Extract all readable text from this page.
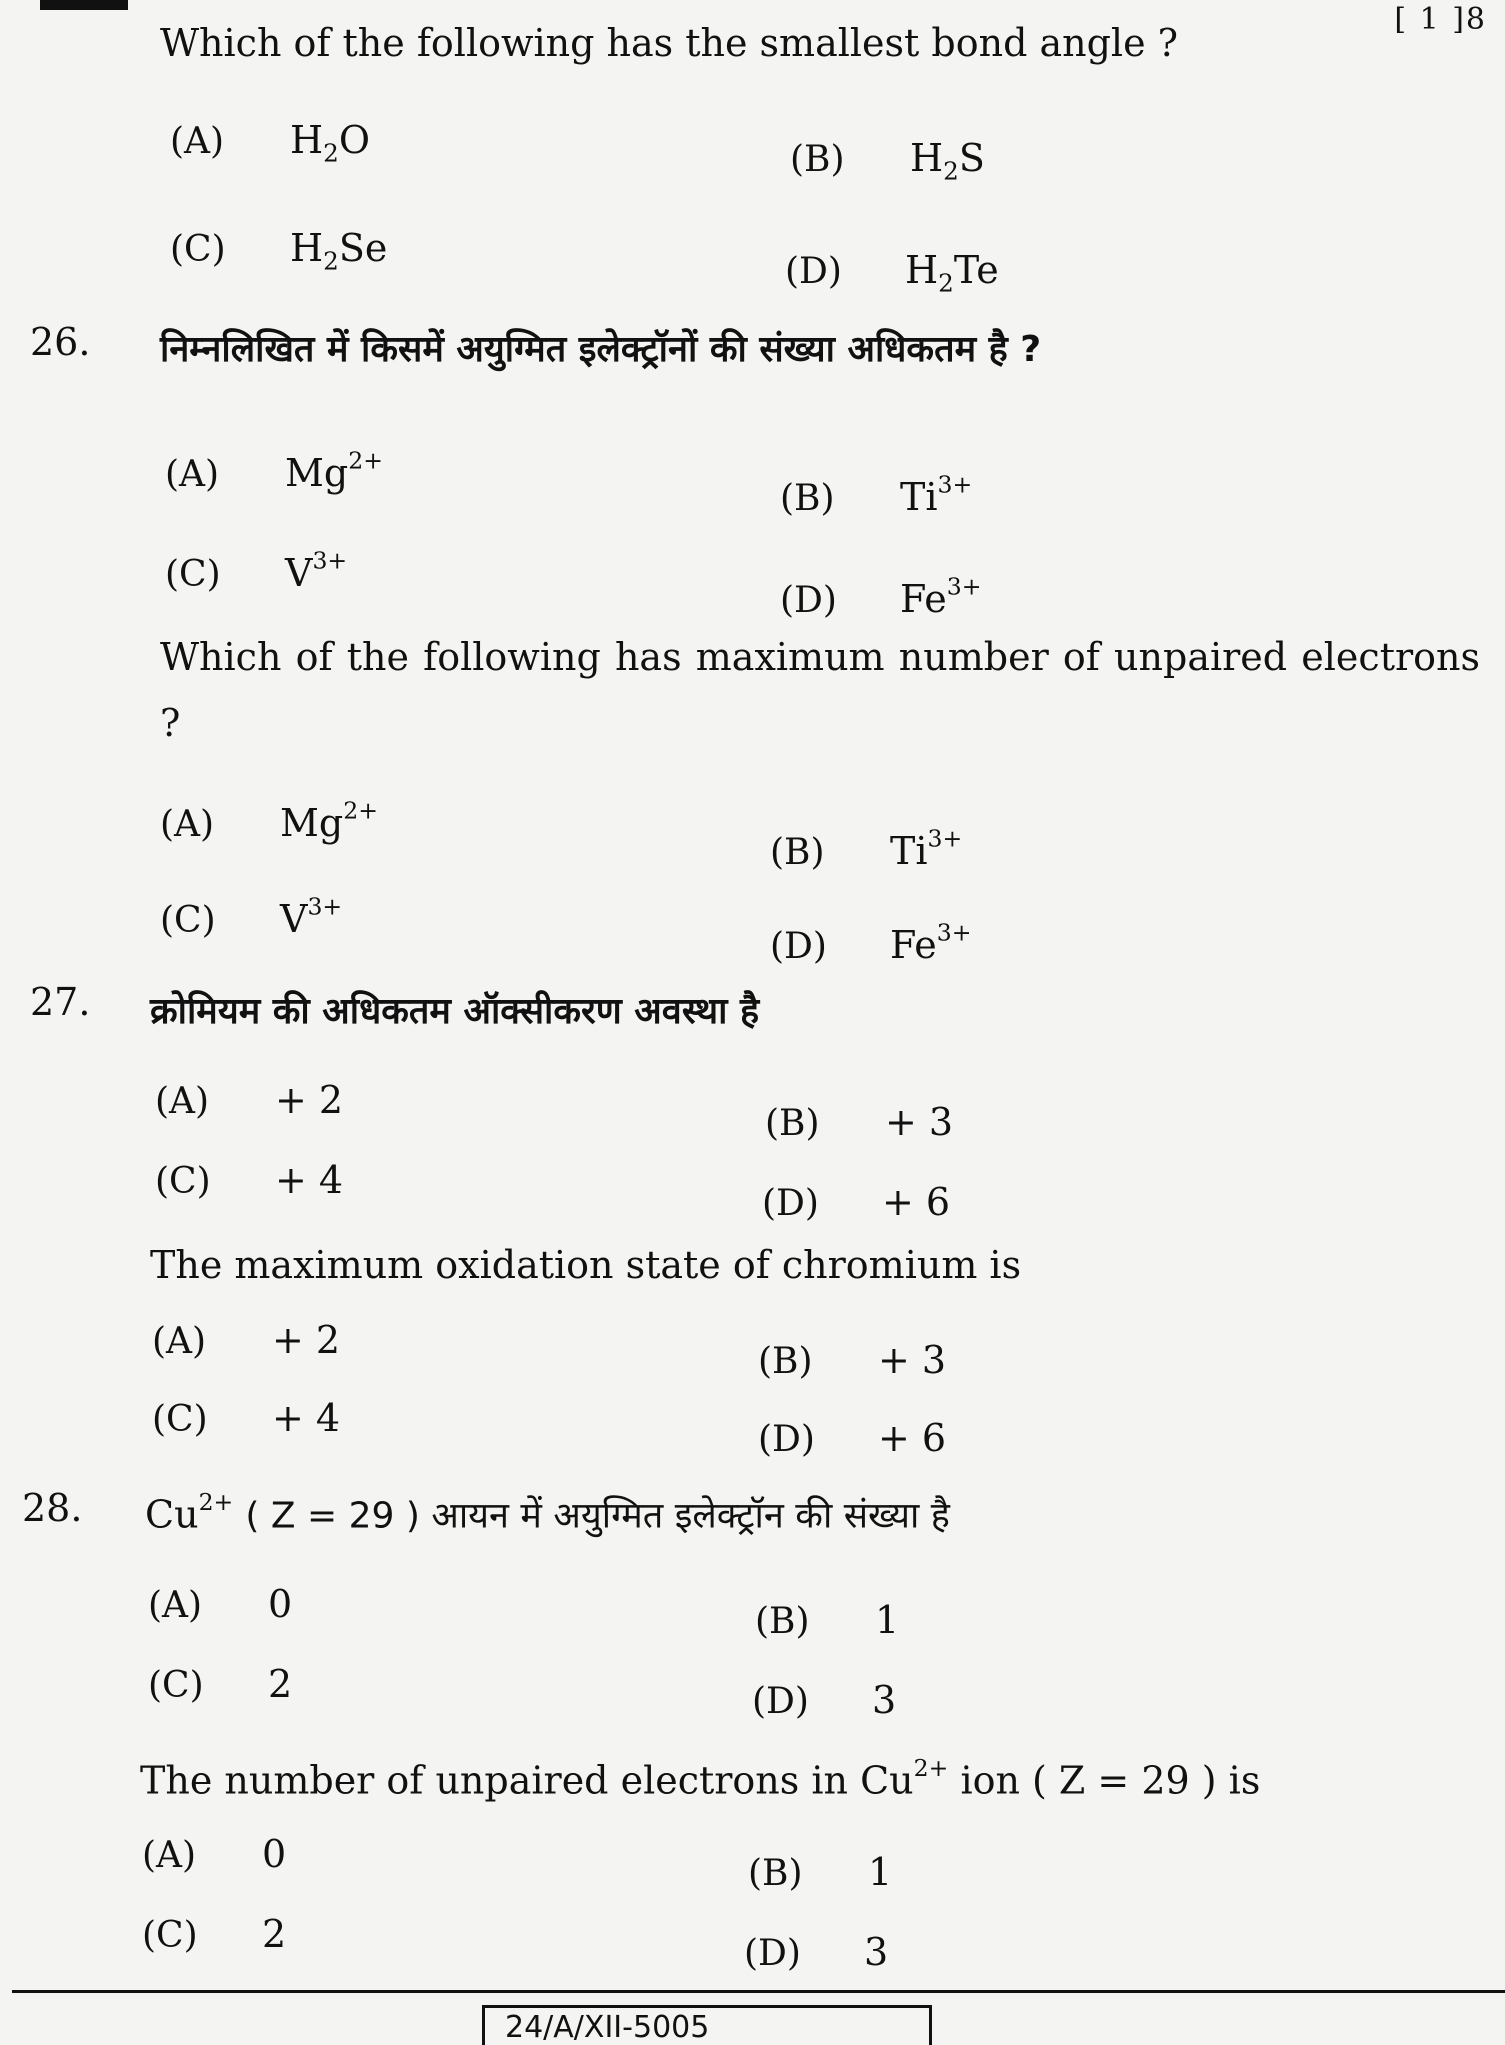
[ 1 ]8
Which of the following has the smallest bond angle ?
(A) $H_2O$	(B) $H_2S$
(C) $H_2Se$
(D) $H_2Te$
26. निम्नलिखित में किसमें अयुग्मित इलेक्ट्रॉनों की संख्या अधिकतम है ?
(A) $Mg^{2+}$
(B) $Ti^{3+}$
(C) $V^{3+}$
(D) $Fe^{3+}$
Which of the following has maximum number of unpaired electrons ?
(A) $Mg^{2+}$
(B) $Ti^{3+}$
(C) $V^{3+}$
(D) $Fe^{3+}$
27. क्रोमियम की अधिकतम ऑक्सीकरण अवस्था है
(A) + 2
(B) + 3
(C) + 4
(D) + 6
The maximum oxidation state of chromium is
(A) + 2	(B) + 3
(C) + 4	(D) + 6
28. $Cu^{2+}$ ( Z = 29 ) आयन में अयुग्मित इलेक्ट्रॉन की संख्या है
(A) 0	(B) 1
(C) 2	(D) 3
The number of unpaired electrons in $Cu^{2+}$ ion ( Z = 29 ) is
(A) 0	(B) 1
(C) 2	(D) 3
24/A/XII-5005
